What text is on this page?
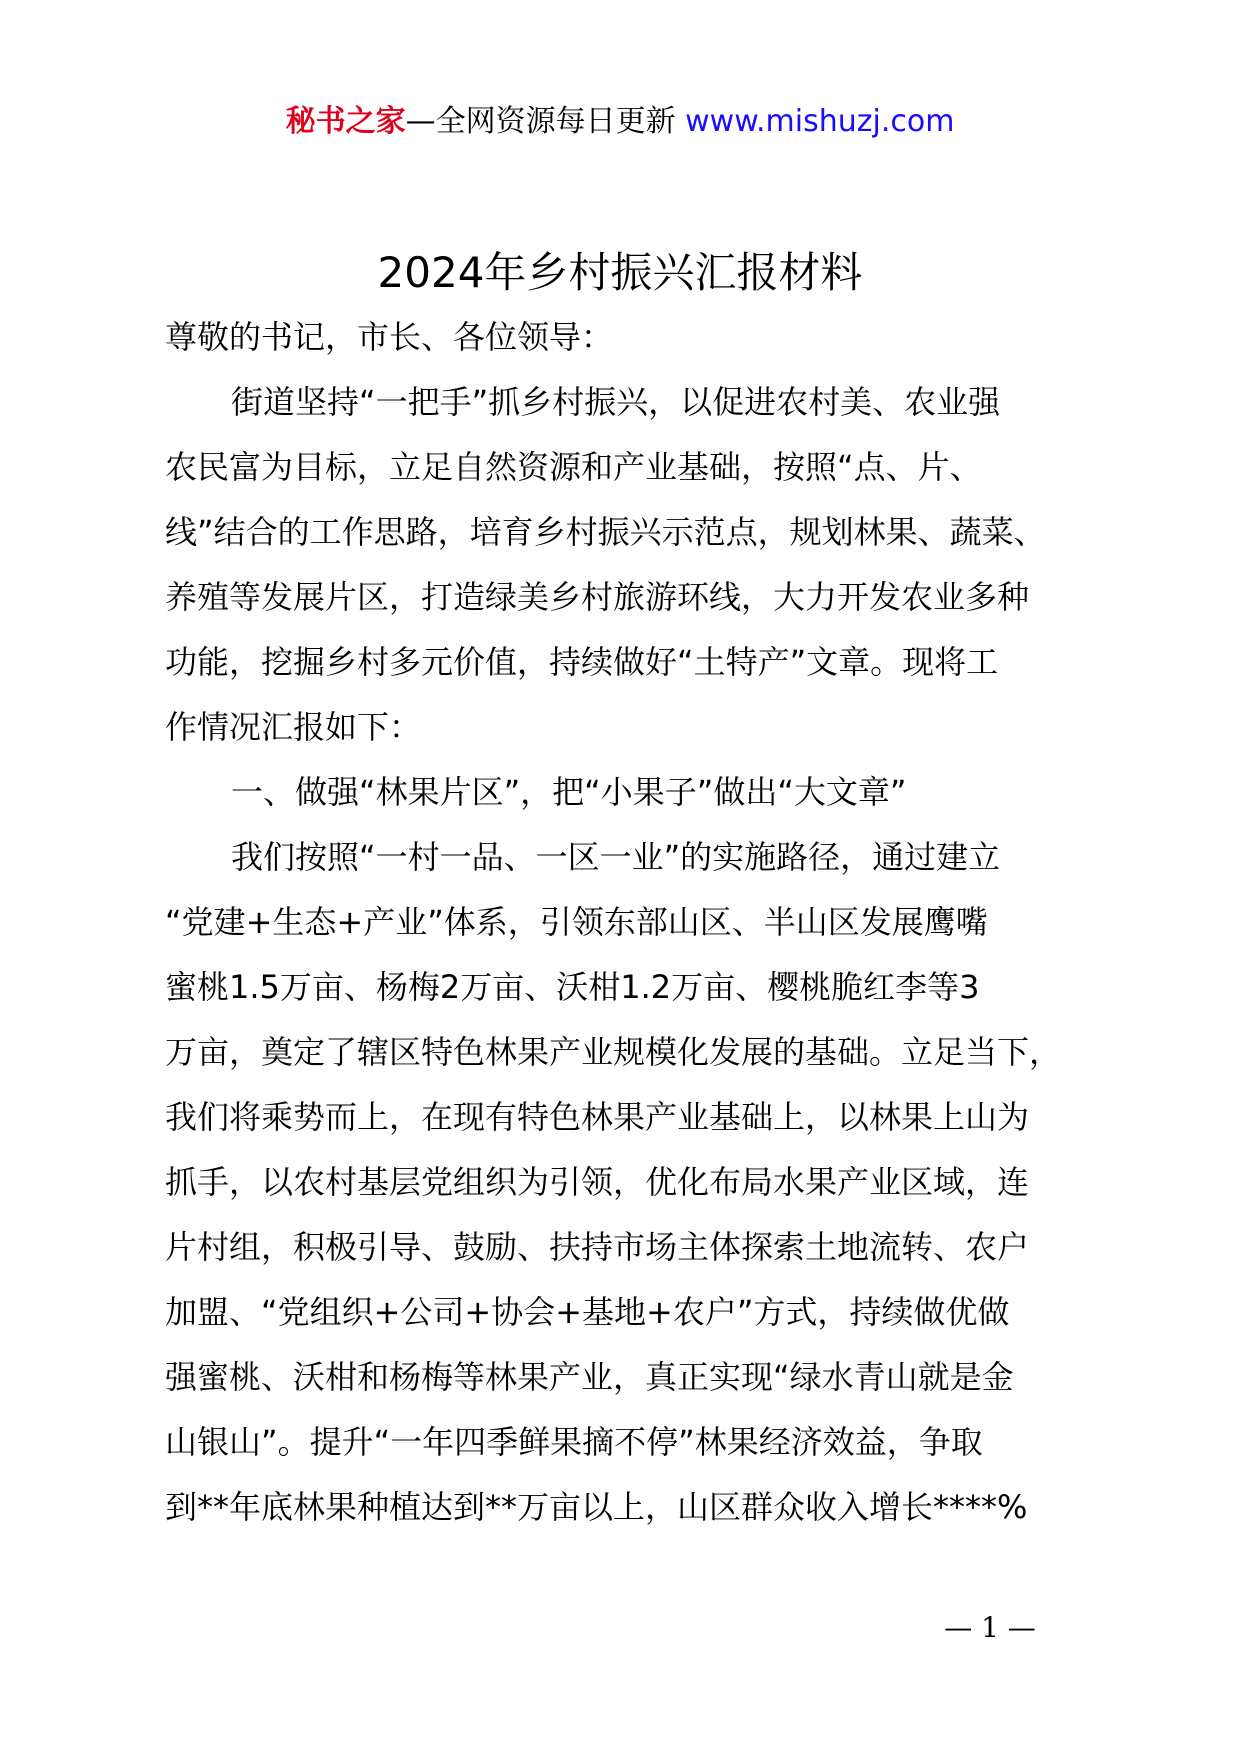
秘书之家—全网资源每日更新 www.mishuzj.com
2024年乡村振兴汇报材料
尊敬的书记，市长、各位领导：
街道坚持“一把手”抓乡村振兴，以促进农村美、农业强
农民富为目标，立足自然资源和产业基础，按照“点、片、
线”结合的工作思路，培育乡村振兴示范点，规划林果、蔬菜、
养殖等发展片区，打造绿美乡村旅游环线，大力开发农业多种
功能，挖掘乡村多元价值，持续做好“土特产”文章。现将工
作情况汇报如下：
一、做强“林果片区”，把“小果子”做出“大文章”
我们按照“一村一品、一区一业”的实施路径，通过建立
“党建+生态+产业”体系，引领东部山区、半山区发展鹰嘴
蜜桃1.5万亩、杨梅2万亩、沃柑1.2万亩、樱桃脆红李等3
万亩，奠定了辖区特色林果产业规模化发展的基础。立足当下，
我们将乘势而上，在现有特色林果产业基础上，以林果上山为
抓手，以农村基层党组织为引领，优化布局水果产业区域，连
片村组，积极引导、鼓励、扶持市场主体探索土地流转、农户
加盟、“党组织+公司+协会+基地+农户”方式，持续做优做
强蜜桃、沃柑和杨梅等林果产业，真正实现“绿水青山就是金
山银山”。提升“一年四季鲜果摘不停”林果经济效益，争取
到**年底林果种植达到**万亩以上，山区群众收入增长****%
— 1 —
